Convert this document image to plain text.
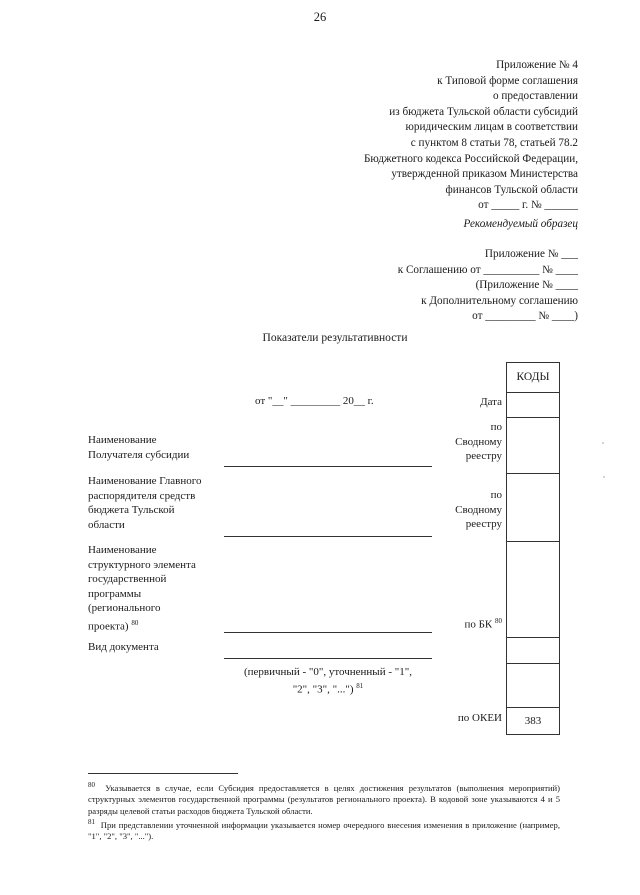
26
Приложение № 4
к Типовой форме соглашения
о предоставлении
из бюджета Тульской области субсидий
юридическим лицам в соответствии
с пунктом 8 статьи 78, статьей 78.2
Бюджетного кодекса Российской Федерации,
утвержденной приказом Министерства
финансов Тульской области
от _____ г. № ______
Рекомендуемый образец
Приложение № ___
к Соглашению от __________ № ____
(Приложение № ____
к Дополнительному соглашению
от _________ № ____)
Показатели результативности
от "__" _________ 20__ г.
Наименование
Получателя субсидии
Наименование Главного
распорядителя средств
бюджета Тульской
области
Наименование
структурного элемента
государственной
программы
(регионального
проекта) $^{80}$
Вид документа
(первичный - "0", уточненный - "1",
"2", "3", "...") $^{81}$
Дата
по
Сводному
реестру
по
Сводному
реестру
по БК $^{80}$
по ОКЕИ
КОДЫ
383
$^{80}$ Указывается в случае, если Субсидия предоставляется в целях достижения результатов (выполнения мероприятий) структурных элементов государственной программы (результатов регионального проекта). В кодовой зоне указываются 4 и 5 разряды целевой статьи расходов бюджета Тульской области.
$^{81}$ При представлении уточненной информации указывается номер очередного внесения изменения в приложение (например, "1", "2", "3", "...").
